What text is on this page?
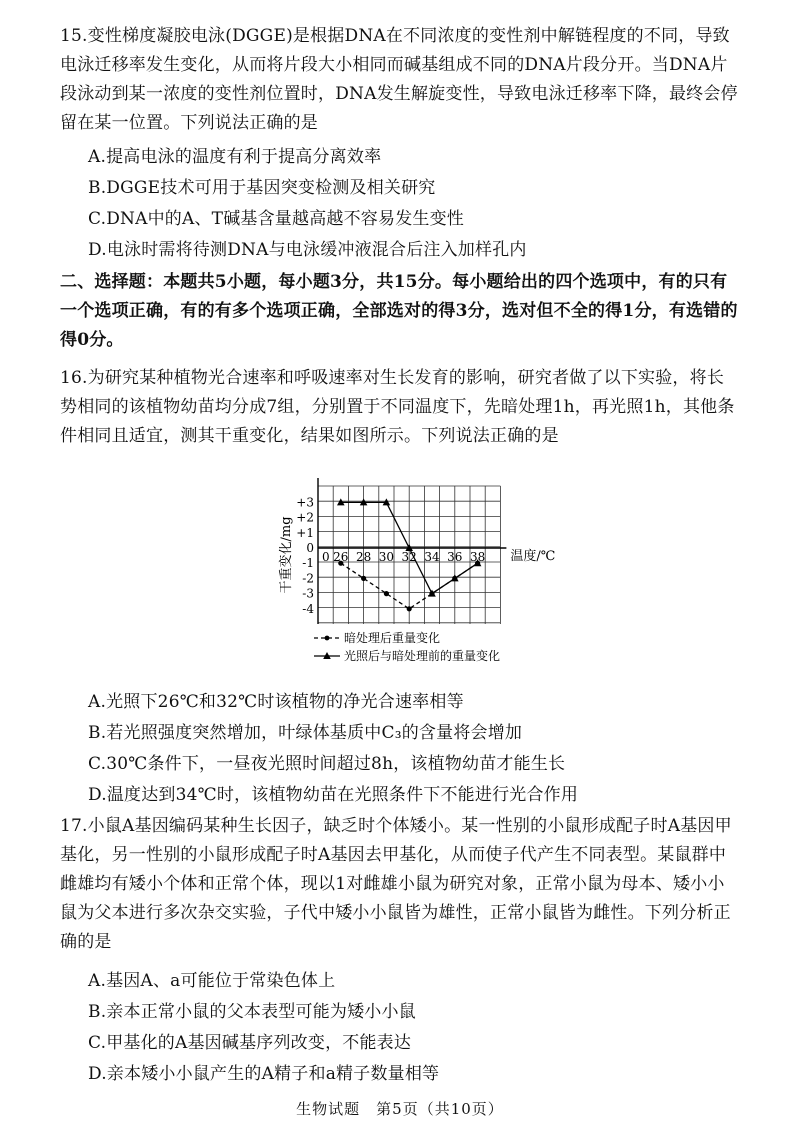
15.变性梯度凝胶电泳(DGGE)是根据DNA在不同浓度的变性剂中解链程度的不同，导致电泳迁移率发生变化，从而将片段大小相同而碱基组成不同的DNA片段分开。当DNA片段泳动到某一浓度的变性剂位置时，DNA发生解旋变性，导致电泳迁移率下降，最终会停留在某一位置。下列说法正确的是
A.提高电泳的温度有利于提高分离效率
B.DGGE技术可用于基因突变检测及相关研究
C.DNA中的A、T碱基含量越高越不容易发生变性
D.电泳时需将待测DNA与电泳缓冲液混合后注入加样孔内
二、选择题：本题共5小题，每小题3分，共15分。每小题给出的四个选项中，有的只有一个选项正确，有的有多个选项正确，全部选对的得3分，选对但不全的得1分，有选错的得0分。
16.为研究某种植物光合速率和呼吸速率对生长发育的影响，研究者做了以下实验，将长势相同的该植物幼苗均分成7组，分别置于不同温度下，先暗处理1h，再光照1h，其他条件相同且适宜，测其干重变化，结果如图所示。下列说法正确的是
+3
+2
+1
0
-1
-2
-3
-4
26 28 30 32 34 36 38
0	温度/℃
干重变化/mg
暗处理后重量变化
光照后与暗处理前的重量变化
A.光照下26℃和32℃时该植物的净光合速率相等
B.若光照强度突然增加，叶绿体基质中C₃的含量将会增加
C.30℃条件下，一昼夜光照时间超过8h，该植物幼苗才能生长
D.温度达到34℃时，该植物幼苗在光照条件下不能进行光合作用
17.小鼠A基因编码某种生长因子，缺乏时个体矮小。某一性别的小鼠形成配子时A基因甲基化，另一性别的小鼠形成配子时A基因去甲基化，从而使子代产生不同表型。某鼠群中雌雄均有矮小个体和正常个体，现以1对雌雄小鼠为研究对象，正常小鼠为母本、矮小小鼠为父本进行多次杂交实验，子代中矮小小鼠皆为雄性，正常小鼠皆为雌性。下列分析正确的是
A.基因A、a可能位于常染色体上
B.亲本正常小鼠的父本表型可能为矮小小鼠
C.甲基化的A基因碱基序列改变，不能表达
D.亲本矮小小鼠产生的A精子和a精子数量相等
生物试题　第5页（共10页）
